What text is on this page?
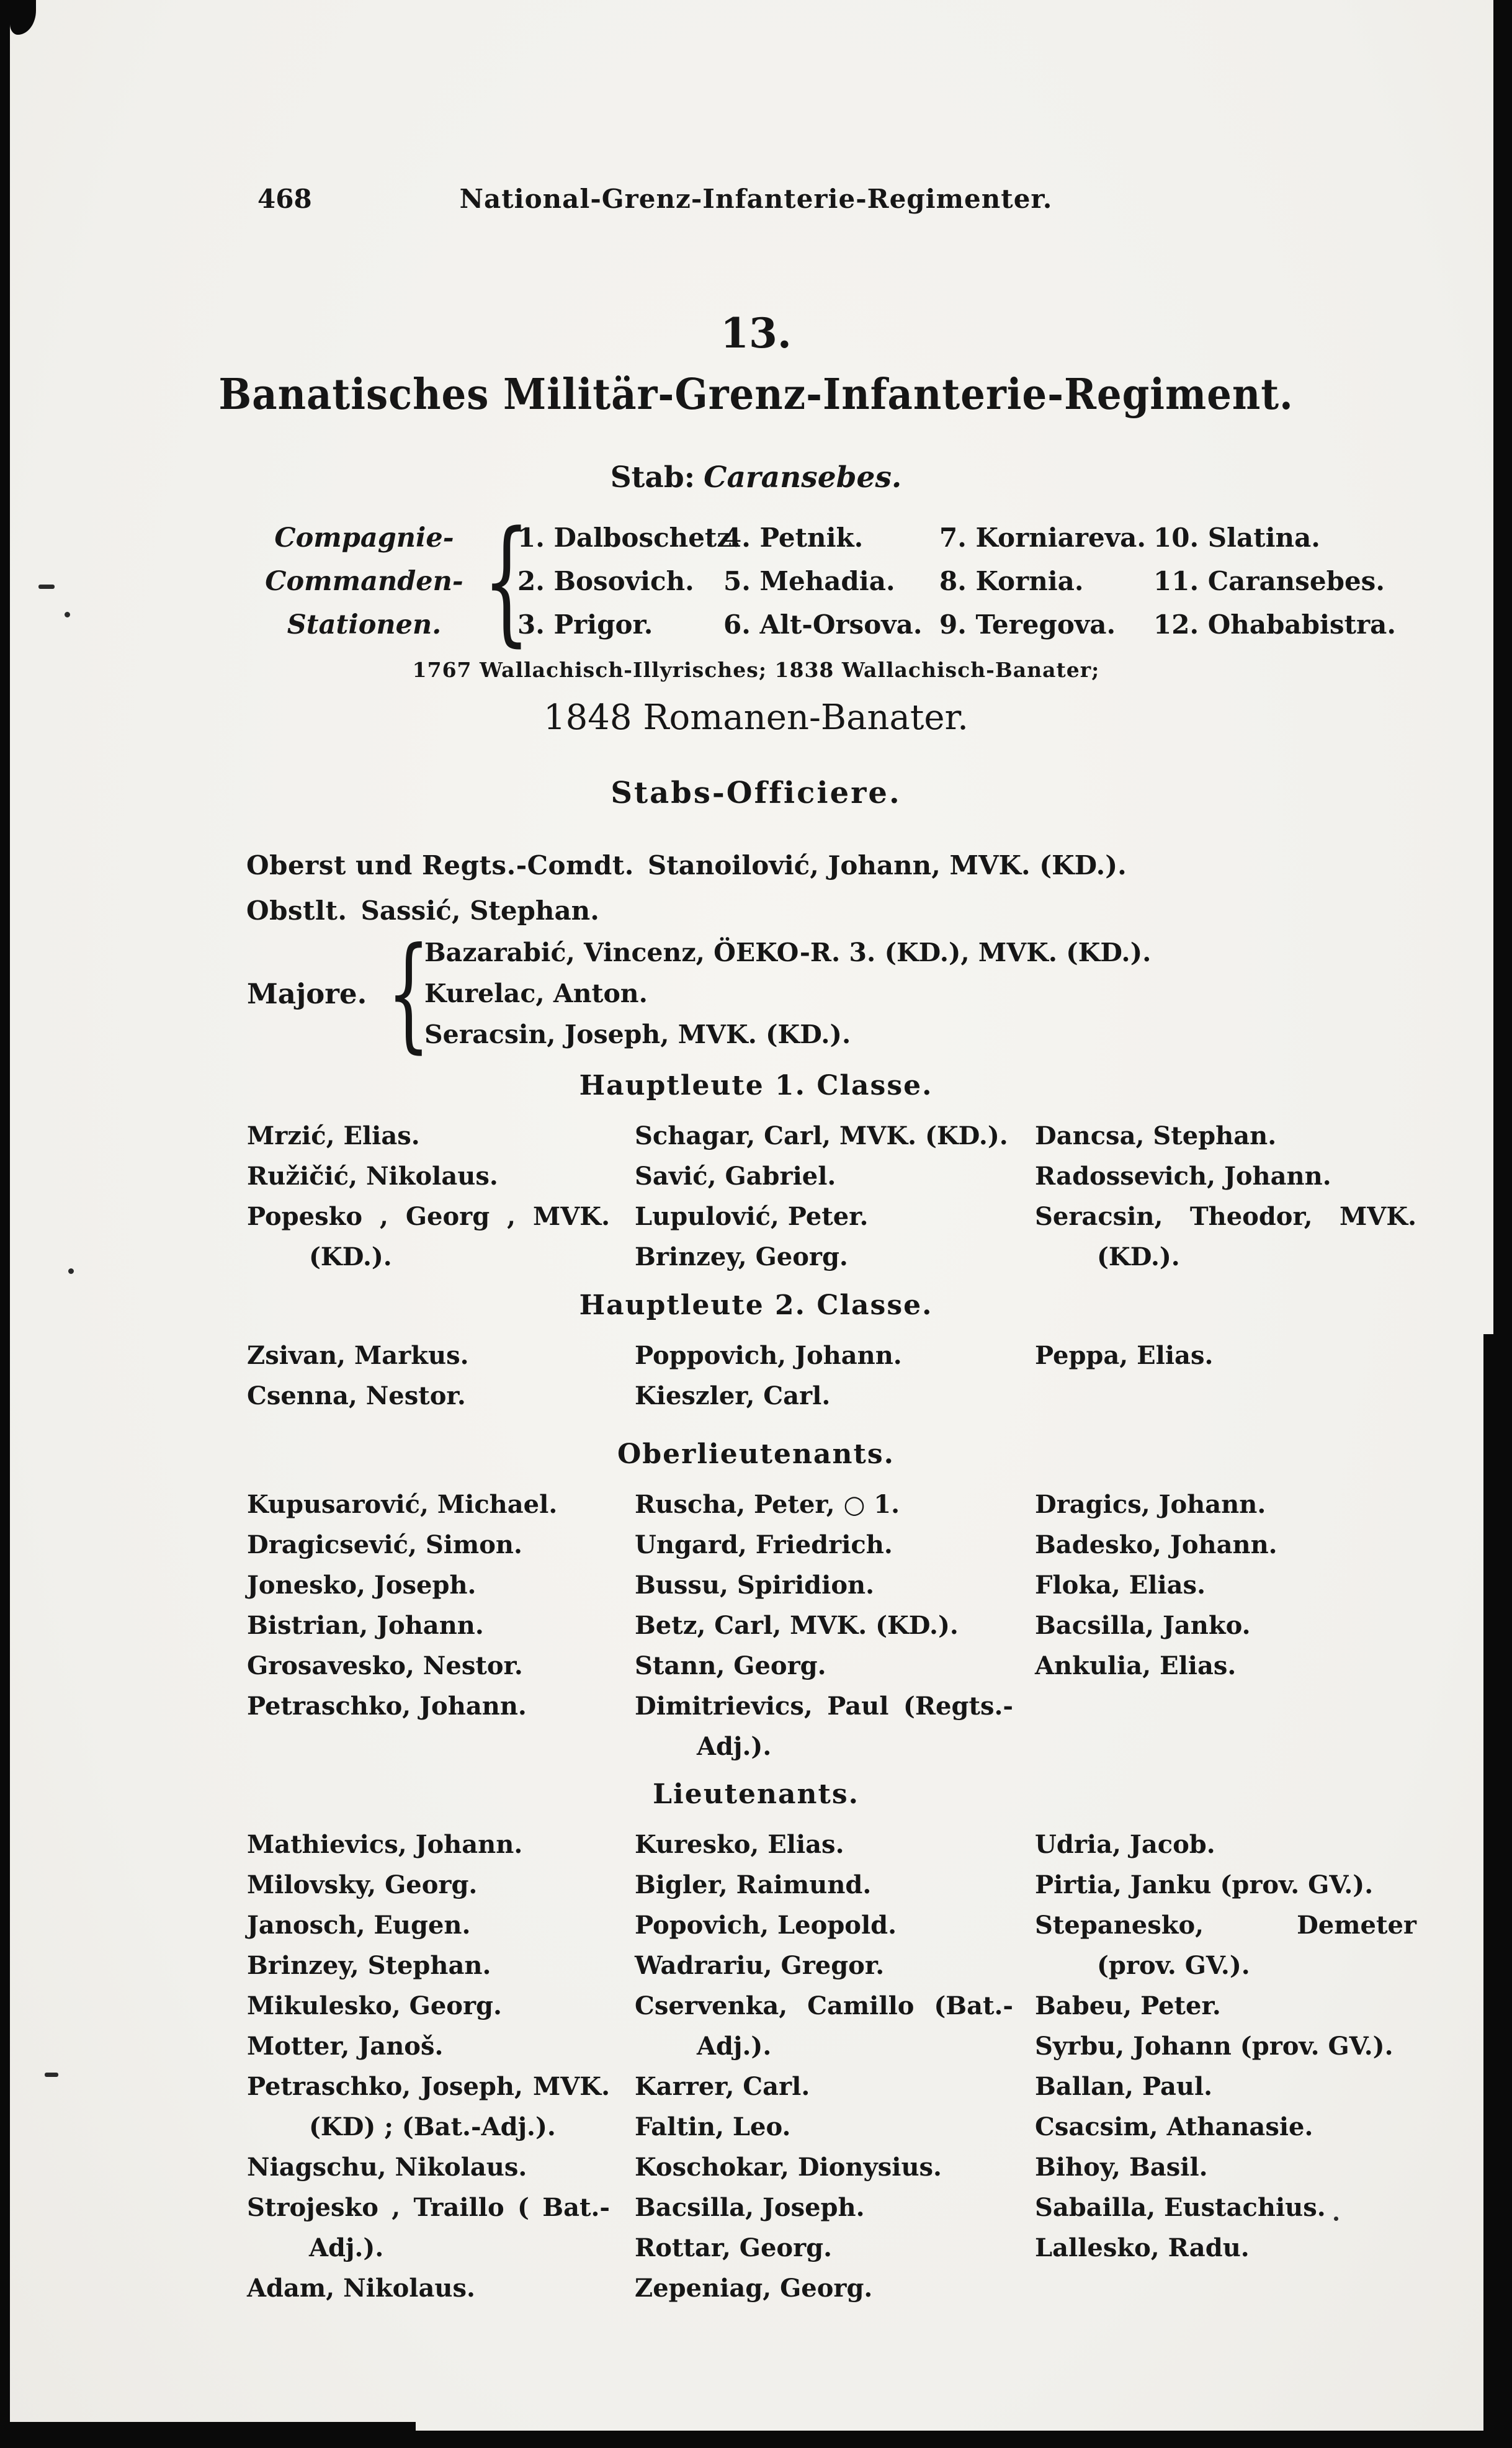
468	National-Grenz-Infanterie-Regimenter.
13.
Banatisches Militär-Grenz-Infanterie-Regiment.
Stab: Caransebes.
Compagnie-
Commanden-
Stationen. {
1. Dalboschetz.
2. Bosovich.
3. Prigor.
4. Petnik.
5. Mehadia.
6. Alt-Orsova.
7. Korniareva.
8. Kornia.
9. Teregova.
10. Slatina.
11. Caransebes.
12. Ohababistra.
1767 Wallachisch-Illyrisches; 1838 Wallachisch-Banater;
1848 Romanen-Banater.
Stabs-Officiere.
Oberst und Regts.-Comdt. Stanoilović, Johann, MVK. (KD.).
Obstlt. Sassić, Stephan.
Majore. {
Bazarabić, Vincenz, ÖEKO-R. 3. (KD.), MVK. (KD.).
Kurelac, Anton.
Seracsin, Joseph, MVK. (KD.).
Hauptleute 1. Classe.
Mrzić, Elias.
Ružičić, Nikolaus.
Popesko , Georg , MVK. (KD.).
Schagar, Carl, MVK. (KD.).
Savić, Gabriel.
Lupulović, Peter.
Brinzey, Georg.
Dancsa, Stephan.
Radossevich, Johann.
Seracsin, Theodor, MVK. (KD.).
Hauptleute 2. Classe.
Zsivan, Markus.
Csenna, Nestor.
Poppovich, Johann.
Kieszler, Carl.
Peppa, Elias.
Oberlieutenants.
Kupusarović, Michael.
Dragicsević, Simon.
Jonesko, Joseph.
Bistrian, Johann.
Grosavesko, Nestor.
Petraschko, Johann.
Ruscha, Peter, ○ 1.
Ungard, Friedrich.
Bussu, Spiridion.
Betz, Carl, MVK. (KD.).
Stann, Georg.
Dimitrievics, Paul (Regts.- Adj.).
Dragics, Johann.
Badesko, Johann.
Floka, Elias.
Bacsilla, Janko.
Ankulia, Elias.
Lieutenants.
Mathievics, Johann.
Milovsky, Georg.
Janosch, Eugen.
Brinzey, Stephan.
Mikulesko, Georg.
Motter, Janoš.
Petraschko, Joseph, MVK. (KD) ; (Bat.-Adj.).
Niagschu, Nikolaus.
Strojesko , Traillo ( Bat.- Adj.).
Adam, Nikolaus.
Kuresko, Elias.
Bigler, Raimund.
Popovich, Leopold.
Wadrariu, Gregor.
Cservenka, Camillo (Bat.- Adj.).
Karrer, Carl.
Faltin, Leo.
Koschokar, Dionysius.
Bacsilla, Joseph.
Rottar, Georg.
Zepeniag, Georg.
Udria, Jacob.
Pirtia, Janku (prov. GV.).
Stepanesko, Demeter (prov. GV.).
Babeu, Peter.
Syrbu, Johann (prov. GV.).
Ballan, Paul.
Csacsim, Athanasie.
Bihoy, Basil.
Sabailla, Eustachius.
Lallesko, Radu.
